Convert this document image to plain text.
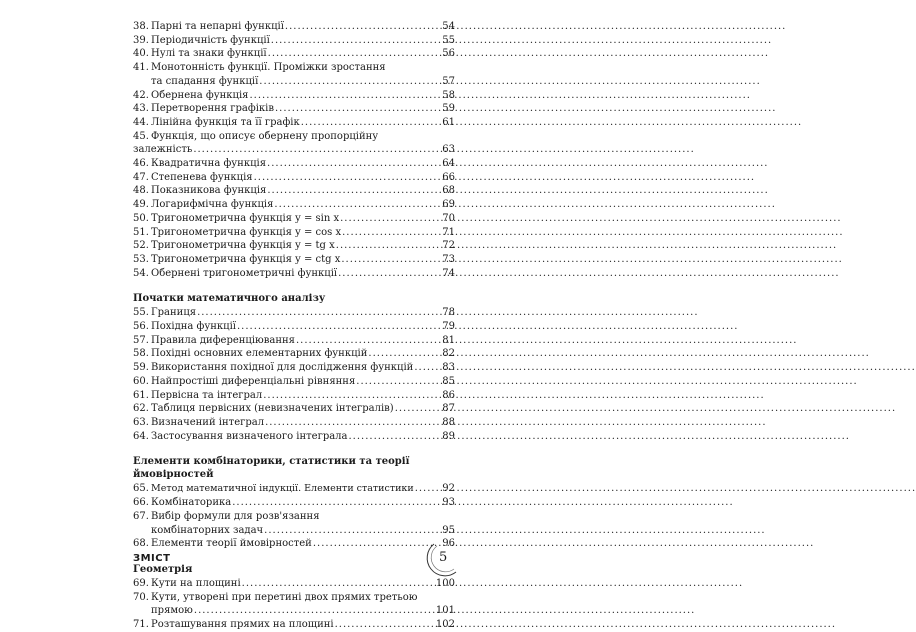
38. Парні та непарні функції .....	54
39. Періодичність функції .....	55
40. Нулі та знаки функції .....	56
41. Монотонність функції. Проміжки зростання
та спадання функції .....	57
42. Обернена функція .....	58
43. Перетворення графіків .....	59
44. Лінійна функція та її графік .....	61
45. Функція, що описує обернену пропорційну
залежність .....	63
46. Квадратична функція .....	64
47. Степенева функція .....	66
48. Показникова функція .....	68
49. Логарифмічна функція .....	69
50. Тригонометрична функція y = sin x .....	70
51. Тригонометрична функція y = cos x .....	71
52. Тригонометрична функція y = tg x .....	72
53. Тригонометрична функція y = ctg x .....	73
54. Обернені тригонометричні функції .....	74
Початки математичного аналізу
55. Границя .....	78
56. Похідна функції .....	79
57. Правила диференціювання .....	81
58. Похідні основних елементарних функцій .....	82
59. Використання похідної для дослідження функцій .....	83
60. Найпростіші диференціальні рівняння .....	85
61. Первісна та інтеграл .....	86
62. Таблиця первісних (невизначених інтегралів) .....	87
63. Визначений інтеграл .....	88
64. Застосування визначеного інтеграла .....	89
Елементи комбінаторики, статистики та теорії
ймовірностей
65. Метод математичної індукції. Елементи статистики .....	92
66. Комбінаторика .....	93
67. Вибір формули для розв'язання
комбінаторних задач .....	95
68. Елементи теорії ймовірностей .....	96
Геометрія
69. Кути на площині .....	100
70. Кути, утворені при перетині двох прямих третьою
прямою .....	101
71. Розташування прямих на площині .....	102
ЗМІСТ	5
